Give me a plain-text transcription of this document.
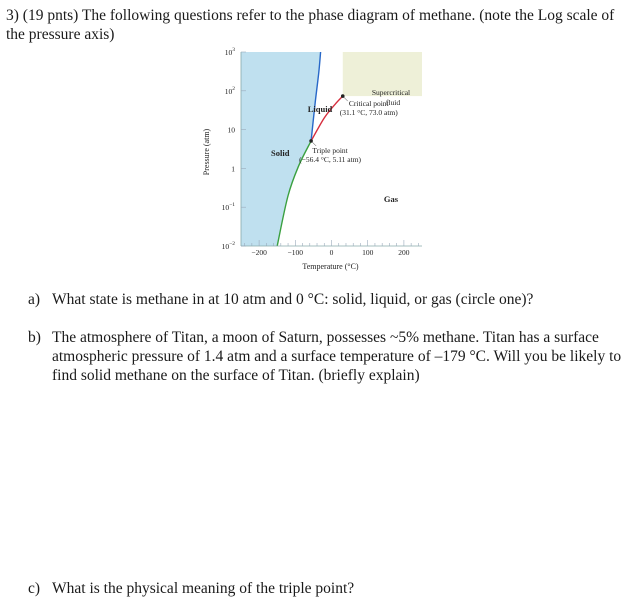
3) (19 pnts) The following questions refer to the phase diagram of methane. (note the Log scale of the pressure axis)
−200	−100	0	100	200
$10^3$
$10^2$
10
1
$10^{-1}$
$10^{-2}$
Temperature (°C)
Pressure (atm)	Solid
Liquid
Gas
Supercritical
fluid
Triple point
(−56.4 °C, 5.11 atm)
Critical point
(31.1 °C, 73.0 atm)
a) What state is methane in at 10 atm and 0 °C: solid, liquid, or gas (circle one)?
b) The atmosphere of Titan, a moon of Saturn, possesses ~5% methane. Titan has a surface atmospheric pressure of 1.4 atm and a surface temperature of –179 °C. Will you be likely to find solid methane on the surface of Titan. (briefly explain)
c) What is the physical meaning of the triple point?
